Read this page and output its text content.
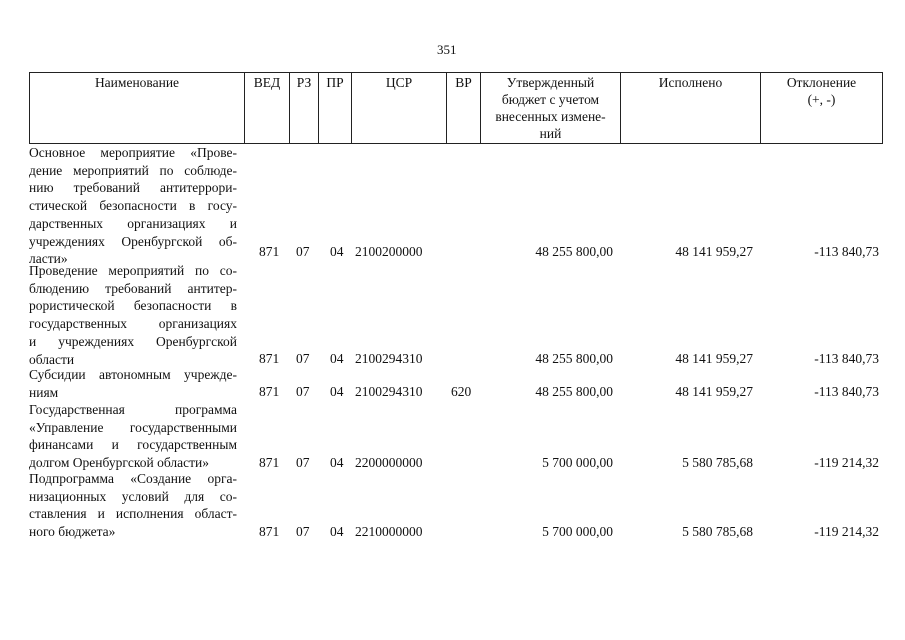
351
Наименование	ВЕД	РЗ	ПР	ЦСР	ВР	Утвержденный
бюджет с учетом
внесенных измене-
ний
Исполнено	Отклонение
(+, -)
Основное мероприятие «Прове-
дение мероприятий по соблюде-
нию требований антитеррори-
стической безопасности в госу-
дарственных организациях и
учреждениях Оренбургской об-
ласти»	871 07 04 2100200000	48 255 800,00	48 141 959,27	-113 840,73
Проведение мероприятий по со-
блюдению требований антитер-
рористической безопасности в
государственных организациях
и учреждениях Оренбургской
области	871 07 04 2100294310	48 255 800,00	48 141 959,27	-113 840,73
Субсидии автономным учрежде-
ниям	871 07 04 2100294310 620	48 255 800,00	48 141 959,27	-113 840,73
Государственная программа
«Управление государственными
финансами и государственным
долгом Оренбургской области»	871 07 04 2200000000	5 700 000,00	5 580 785,68	-119 214,32
Подпрограмма «Создание орга-
низационных условий для со-
ставления и исполнения област-
ного бюджета»	871 07 04 2210000000	5 700 000,00	5 580 785,68	-119 214,32
